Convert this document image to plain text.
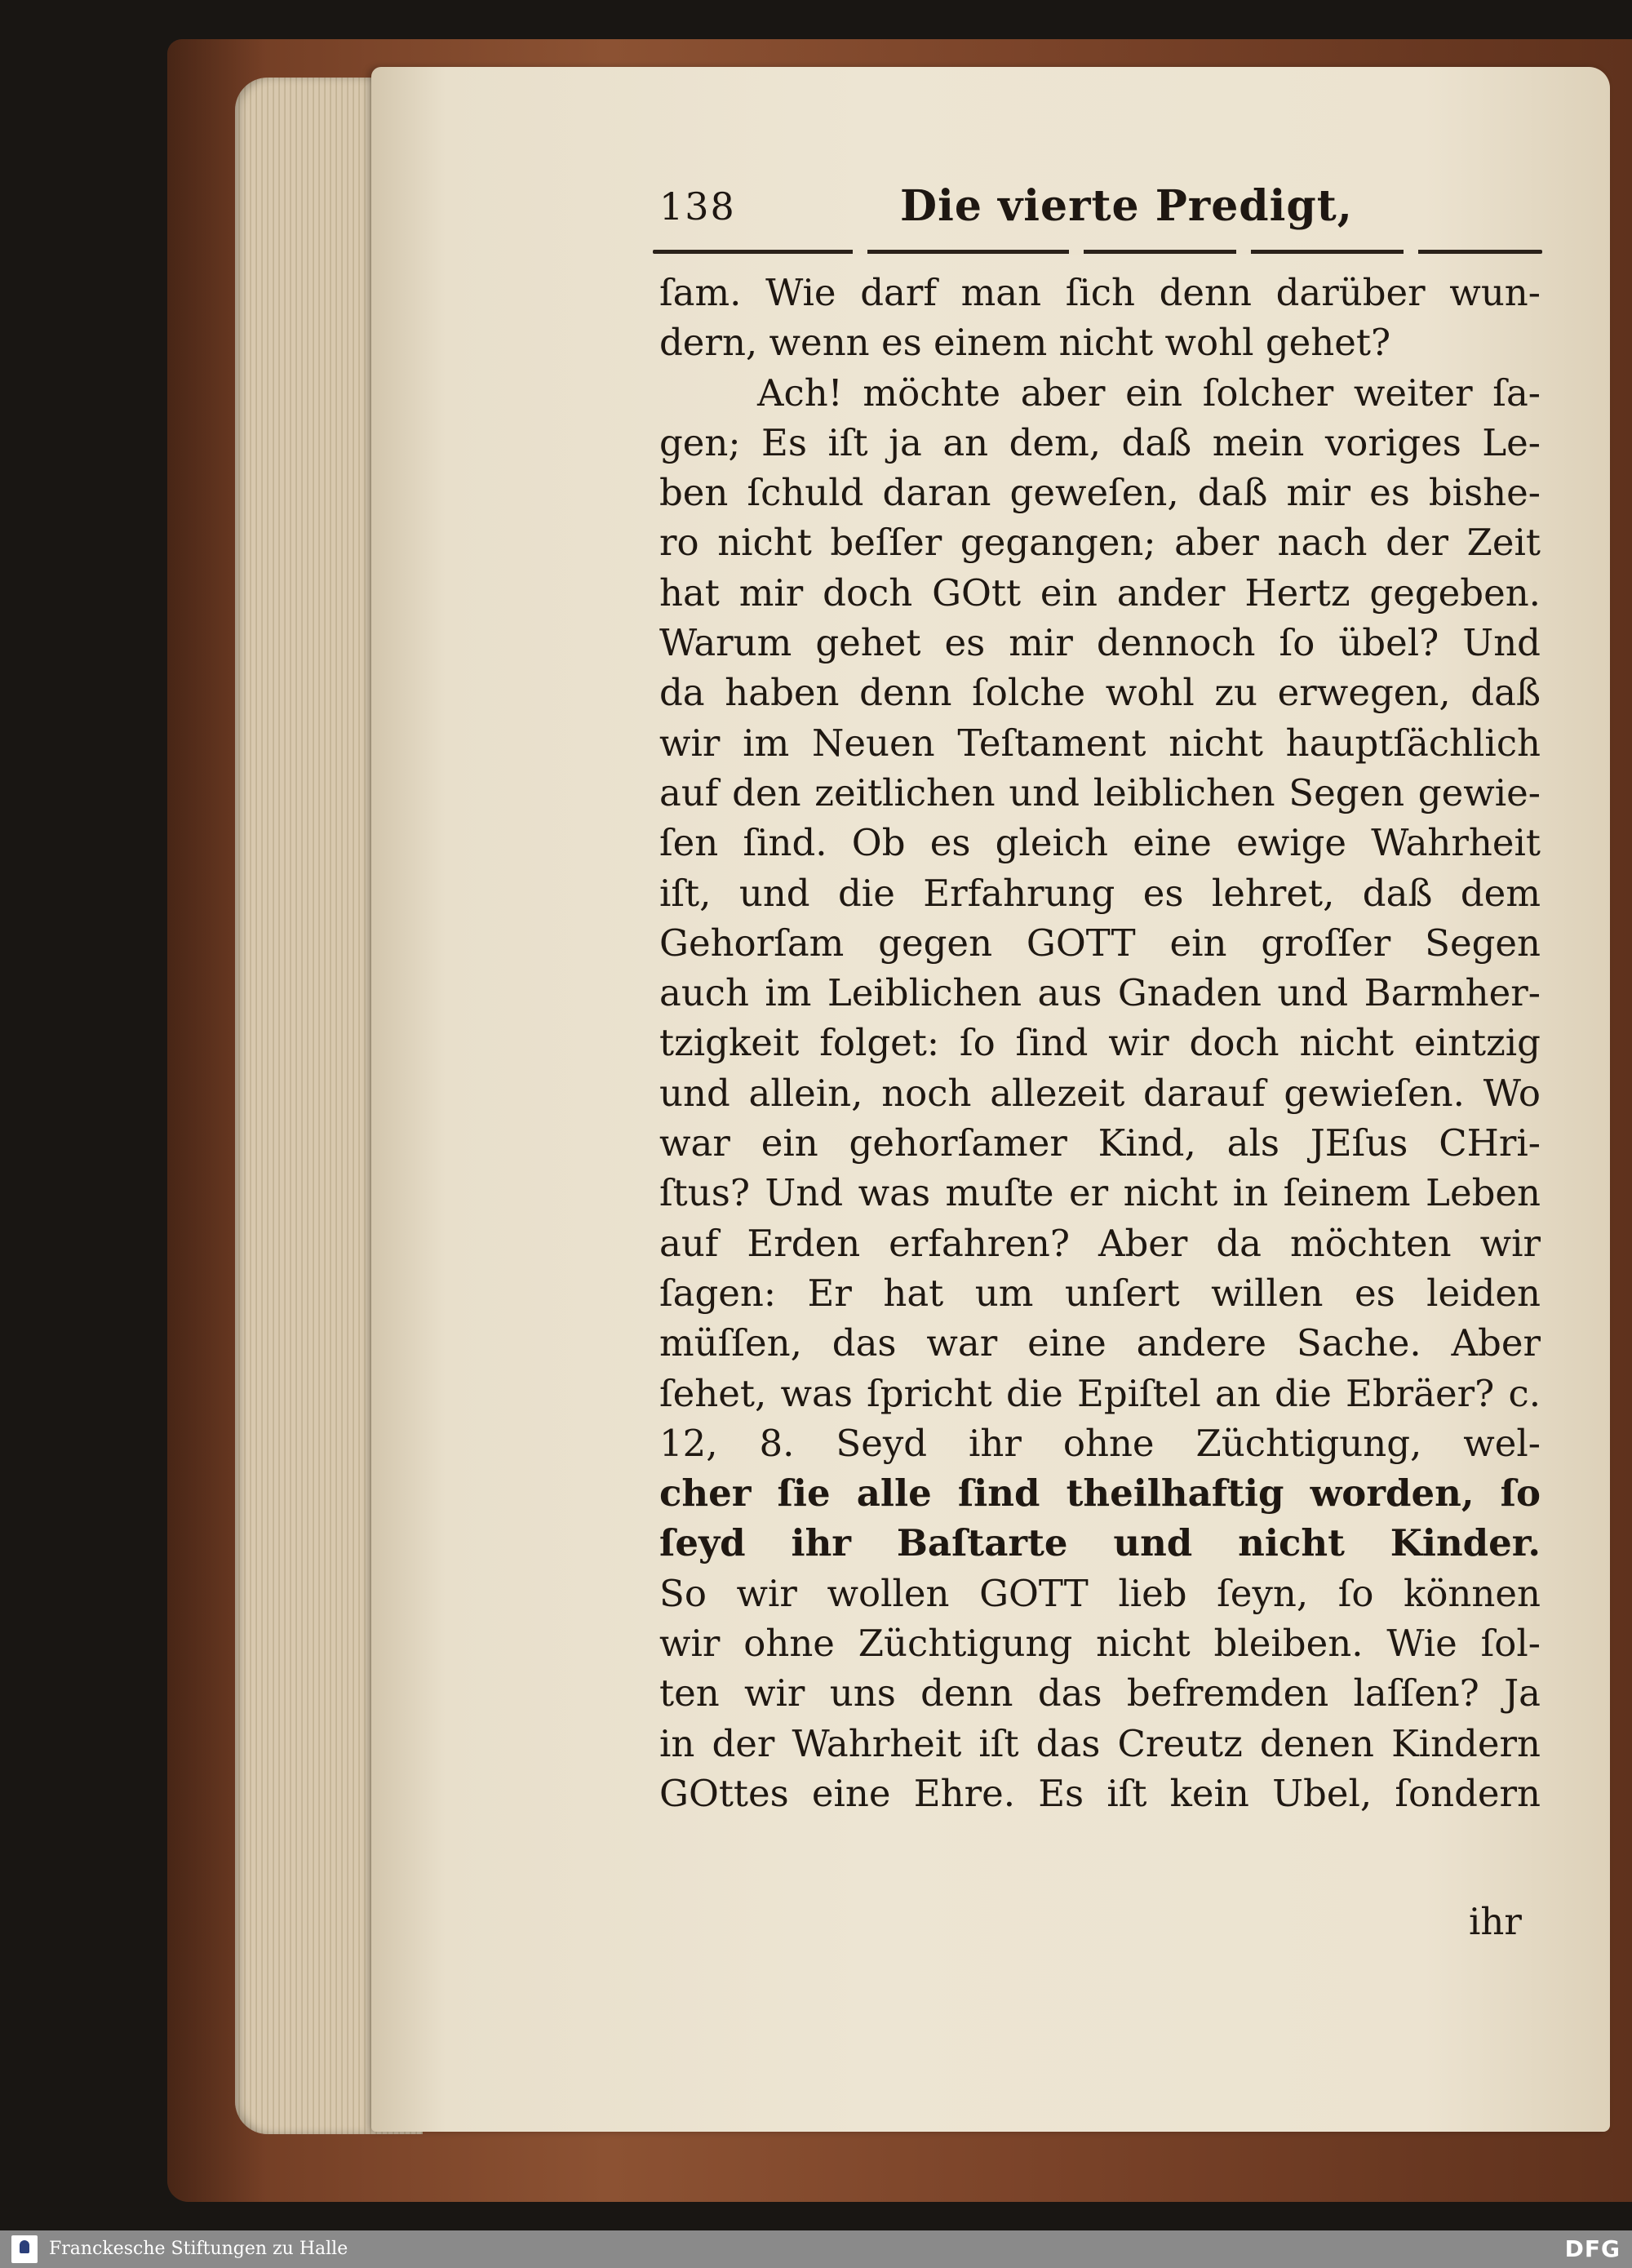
138	Die vierte Predigt,
ſam. Wie darf man ſich denn darüber wun-
dern, wenn es einem nicht wohl gehet?
Ach! möchte aber ein ſolcher weiter ſa-
gen; Es iſt ja an dem, daß mein voriges Le-
ben ſchuld daran geweſen, daß mir es bishe-
ro nicht beſſer gegangen; aber nach der Zeit
hat mir doch GOtt ein ander Hertz gegeben.
Warum gehet es mir dennoch ſo übel? Und
da haben denn ſolche wohl zu erwegen, daß
wir im Neuen Teſtament nicht hauptſächlich
auf den zeitlichen und leiblichen Segen gewie-
ſen ſind. Ob es gleich eine ewige Wahrheit
iſt, und die Erfahrung es lehret, daß dem
Gehorſam gegen GOTT ein groſſer Segen
auch im Leiblichen aus Gnaden und Barmher-
tzigkeit folget: ſo ſind wir doch nicht eintzig
und allein, noch allezeit darauf gewieſen. Wo
war ein gehorſamer Kind, als JEſus CHri-
ſtus? Und was muſte er nicht in ſeinem Leben
auf Erden erfahren? Aber da möchten wir
ſagen: Er hat um unſert willen es leiden
müſſen, das war eine andere Sache. Aber
ſehet, was ſpricht die Epiſtel an die Ebräer? c.
12, 8. Seyd ihr ohne Züchtigung, wel-
cher ſie alle ſind theilhaftig worden, ſo
ſeyd ihr Baſtarte und nicht Kinder.
So wir wollen GOTT lieb ſeyn, ſo können
wir ohne Züchtigung nicht bleiben. Wie ſol-
ten wir uns denn das befremden laſſen? Ja
in der Wahrheit iſt das Creutz denen Kindern
GOttes eine Ehre. Es iſt kein Ubel, ſondern
ihr
Franckesche Stiftungen zu Halle	DFG
